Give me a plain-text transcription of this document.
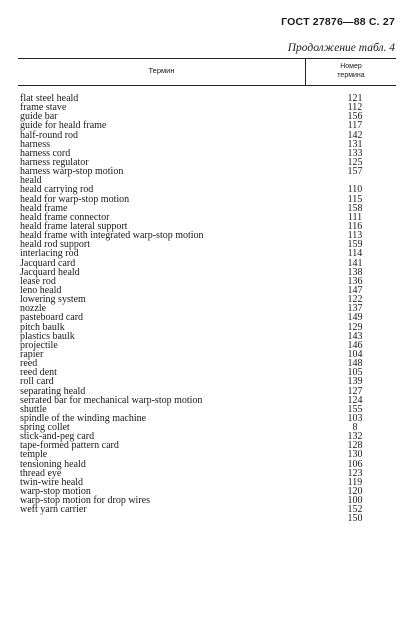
ГОСТ 27876—88 С. 27
Продолжение табл. 4
Термин	Номер
термина
flat steel heald	121
frame stave	112
guide bar	156
guide for heald frame	117
half-round rod	142
harness	131
harness cord	133
harness regulator	125
harness warp-stop motion	157
heald
heald carrying rod	110
heald for warp-stop motion	115
heald frame	158
heald frame connector	111
heald frame lateral support	116
heald frame with integrated warp-stop motion	113
heald rod support	159
interlacing rod	114
Jacquard card	141
Jacquard heald	138
lease rod	136
leno heald	147
lowering system	122
nozzle	137
pasteboard card	149
pitch baulk	129
plastics baulk	143
projectile	146
rapier	104
reed	148
reed dent	105
roll card	139
separating heald	127
serrated bar for mechanical warp-stop motion	124
shuttle	155
spindle of the winding machine	103
spring collet	8
stick-and-peg card	132
tape-formed pattern card	128
temple	130
tensioning heald	106
thread eye	123
twin-wire heald	119
warp-stop motion	120
warp-stop motion for drop wires	100
weft yarn carrier	152
150
